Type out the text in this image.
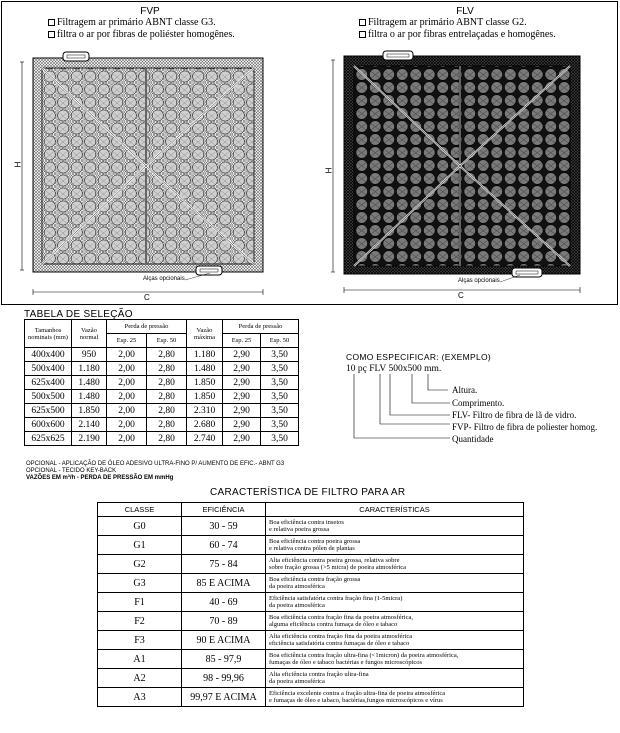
FVP
Filtragem ar primário ABNT classe G3.
filtra o ar por fibras de poliéster homogênes.
FLV
Filtragem ar primário ABNT classe G2.
filtra o ar por fibras entrelaçadas e homogênes.
H
C
Alças opcionais
H
C
Alças opcionais
TABELA DE SELEÇÃO
Tamanhos nominais (mm)	Vazão normal	Perda de pressão		Vazão máxima	Perda de pressão	
		Esp. 25	Esp. 50		Esp. 25	Esp. 50
400x400	950	2,00	2,80	1.180	2,90	3,50
500x400	1.180	2,00	2,80	1.480	2,90	3,50
625x400	1.480	2,00	2,80	1.850	2,90	3,50
500x500	1.480	2,00	2,80	1.850	2,90	3,50
625x500	1.850	2,00	2,80	2.310	2,90	3,50
600x600	2.140	2,00	2,80	2.680	2,90	3,50
625x625	2.190	2,00	2,80	2.740	2,90	3,50
OPCIONAL - APLICAÇÃO DE ÓLEO ADESIVO ULTRA-FINO P/ AUMENTO DE EFIC.- ABNT G3
OPCIONAL - TECIDO KEY-BACK
VAZÕES EM m³/h - PERDA DE PRESSÃO EM mmHg
COMO ESPECIFICAR: (EXEMPLO)
10 pç FLV 500x500 mm.
Altura.
Comprimento.
FLV- Filtro de fibra de lã de vidro.
FVP- Filtro de fibra de poliester homog.
Quantidade
CARACTERÍSTICA DE FILTRO PARA AR
CLASSE	EFICIÊNCIA	CARACTERÍSTICAS
G0	30 - 59	Boa eficiência contra insetos
e relativa poeira grossa

G1	60 - 74	Boa eficiência contra poeira grossa
e relativa contra pólen de plantas

G2	75 - 84	Alta eficiência contra poeira grossa, relativa sobre
sobre fração grossa (>5 micra) de poeira atmosférica

G3	85 E ACIMA	Boa eficiência contra fração grossa
da poeira atmosférica

F1	40 - 69	Eficiência satisfatória contra fração fina (1-5micra)
da poeira atmosférica

F2	70 - 89	Boa eficiência contra fração fina da poeira atmosférica,
alguma eficiência contra fumaça de óleo e tabaco

F3	90 E ACIMA	Alta eficiência contra fração fina da poeira atmosférica
eficiência satisfatória contra fumaças de óleo e tabaco

A1	85 - 97,9	Boa eficiência contra fração ultra-fina (<1micron) da poeira atmosférica,
fumaças de óleo e tabaco bactérias e fungos microscópicos

A2	98 - 99,96	Alta eficiência contra fração ultra-fina
da poeira atmosférica

A3	99,97 E ACIMA	Eficiência excelente contra a fração ultra-fina de poeira atmosférica
e fumaças de óleo e tabaco, bactérias,fungos microscópicos e vírus
